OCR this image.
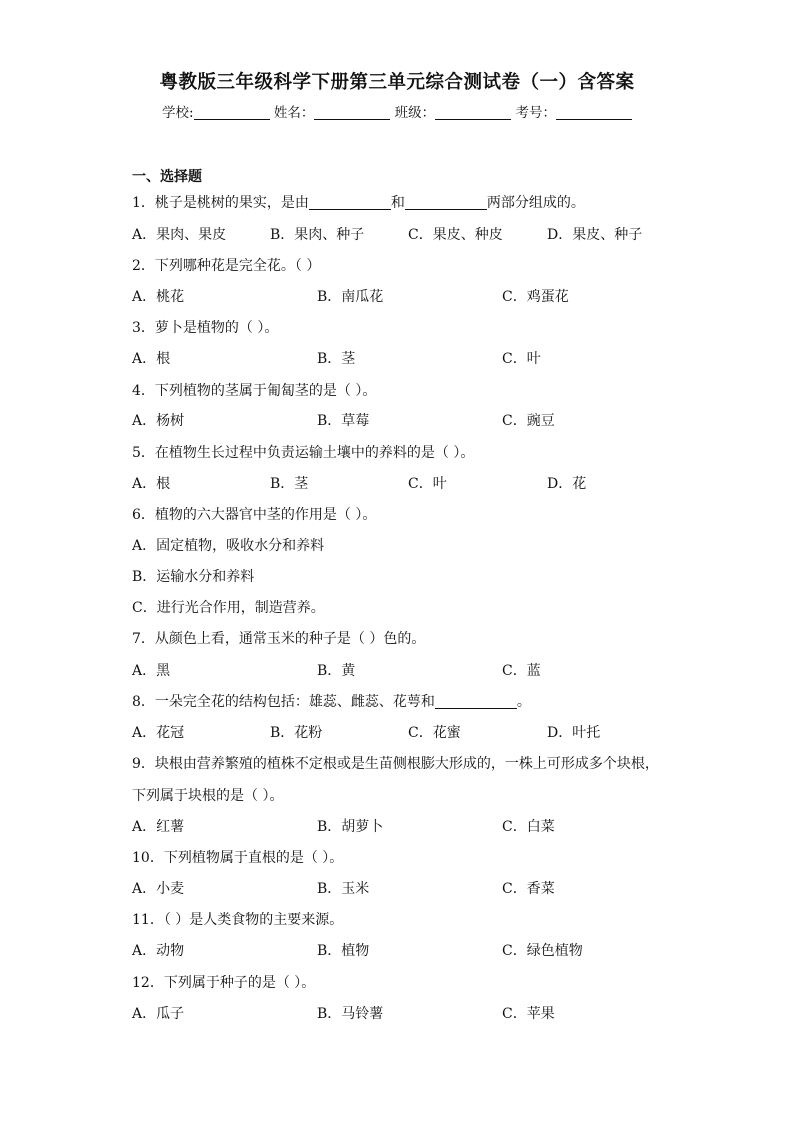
粤教版三年级科学下册第三单元综合测试卷（一）含答案
学校:	姓名：	班级：	考号：
一、选择题
1．桃子是桃树的果实，是由	和	两部分组成的。
A．果肉、果皮	B．果肉、种子	C．果皮、种皮	D．果皮、种子
2．下列哪种花是完全花。（ ）
A．桃花	B．南瓜花	C．鸡蛋花
3．萝卜是植物的（ ）。
A．根	B．茎	C．叶
4．下列植物的茎属于匍匐茎的是（ ）。
A．杨树	B．草莓	C．豌豆
5．在植物生长过程中负责运输土壤中的养料的是（ ）。
A．根	B．茎	C．叶	D．花
6．植物的六大器官中茎的作用是（ ）。
A．固定植物，吸收水分和养料
B．运输水分和养料
C．进行光合作用，制造营养。
7．从颜色上看，通常玉米的种子是（ ）色的。
A．黑	B．黄	C．蓝
8．一朵完全花的结构包括：雄蕊、雌蕊、花萼和	。
A．花冠	B．花粉	C．花蜜	D．叶托
9．块根由营养繁殖的植株不定根或是生苗侧根膨大形成的，一株上可形成多个块根，
下列属于块根的是（ ）。
A．红薯	B．胡萝卜	C．白菜
10．下列植物属于直根的是（ ）。
A．小麦	B．玉米	C．香菜
11．（ ）是人类食物的主要来源。
A．动物	B．植物	C．绿色植物
12．下列属于种子的是（ ）。
A．瓜子	B．马铃薯	C．苹果
